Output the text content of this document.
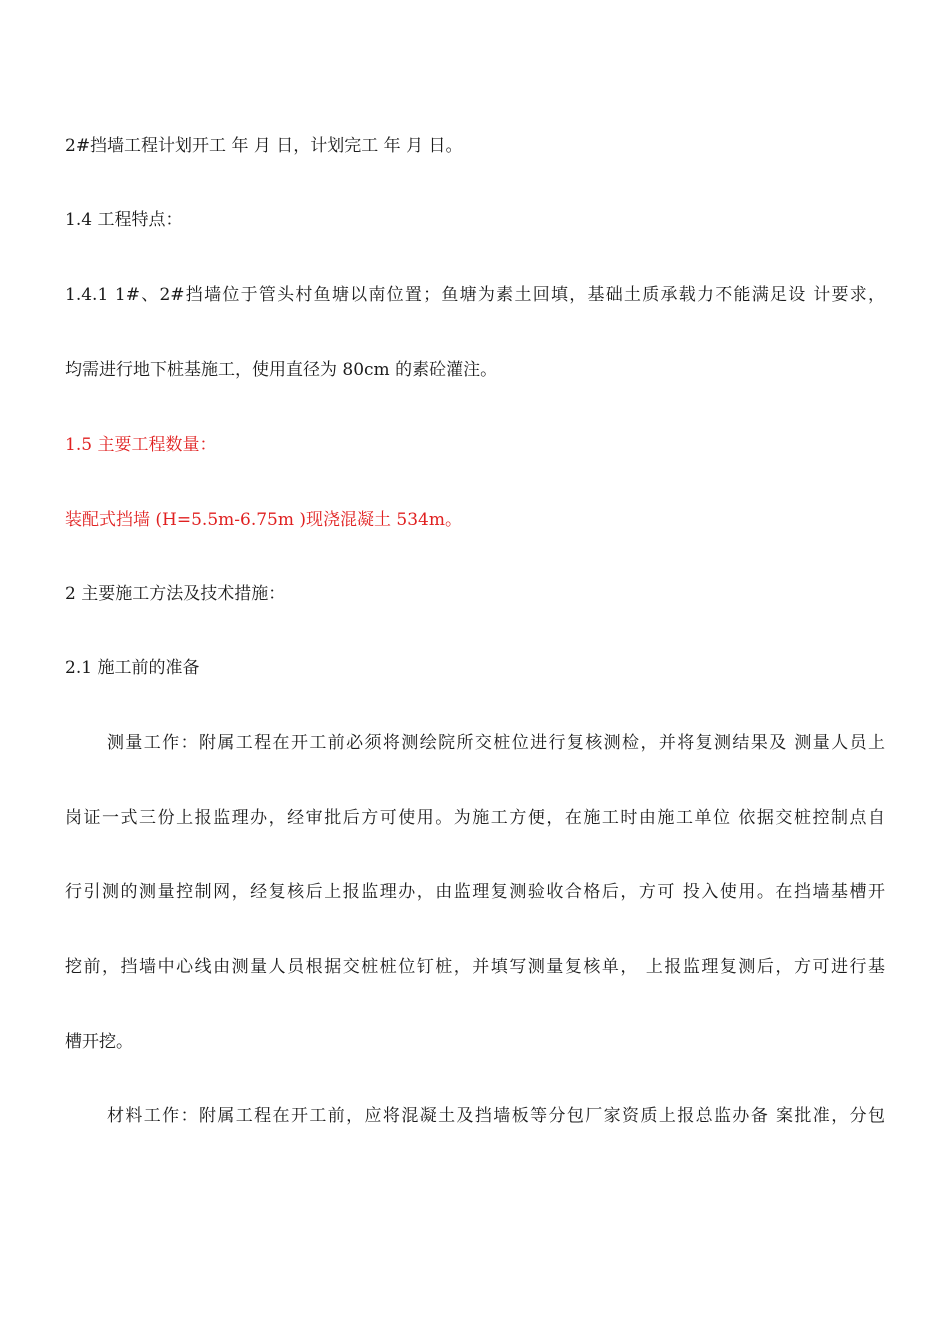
2#挡墙工程计划开工 年 月 日，计划完工 年 月 日。
1.4 工程特点：
1.4.1 1#、2#挡墙位于管头村鱼塘以南位置；鱼塘为素土回填，基础土质承载力不能满足设 计要求，
均需进行地下桩基施工，使用直径为 80cm 的素砼灌注。
1.5 主要工程数量：
装配式挡墙 (H=5.5m-6.75m )现浇混凝土 534m。
2 主要施工方法及技术措施：
2.1 施工前的准备
测量工作：附属工程在开工前必须将测绘院所交桩位进行复核测检，并将复测结果及 测量人员上
岗证一式三份上报监理办，经审批后方可使用。为施工方便，在施工时由施工单位 依据交桩控制点自
行引测的测量控制网，经复核后上报监理办，由监理复测验收合格后，方可 投入使用。在挡墙基槽开
挖前，挡墙中心线由测量人员根据交桩桩位钉桩，并填写测量复核单， 上报监理复测后，方可进行基
槽开挖。
材料工作：附属工程在开工前，应将混凝土及挡墙板等分包厂家资质上报总监办备 案批准，分包
